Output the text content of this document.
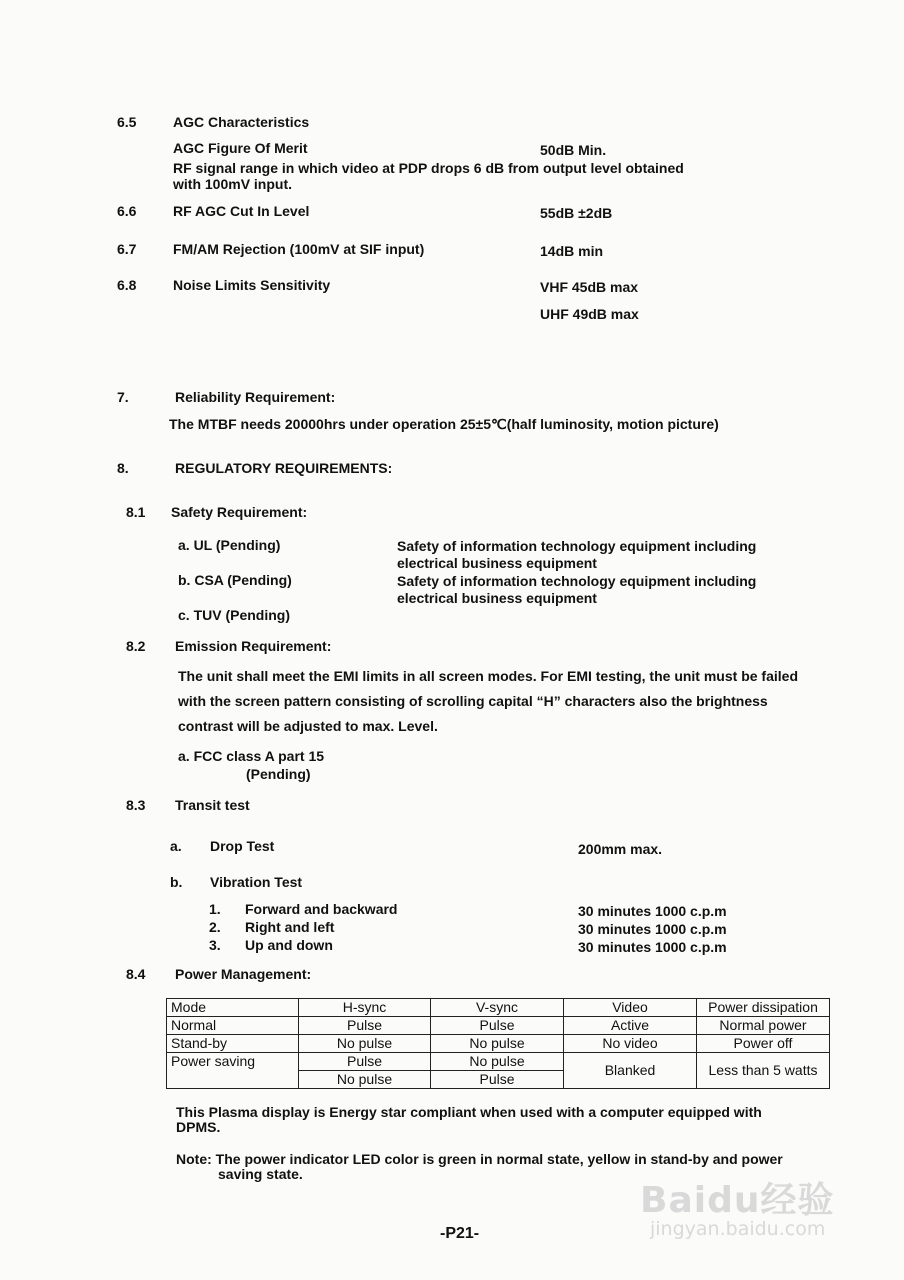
6.5	AGC Characteristics
AGC Figure Of Merit	50dB Min.
RF signal range in which video at PDP drops 6 dB from output level obtained
with 100mV input.
6.6	RF AGC Cut In Level	55dB ±2dB
6.7	FM/AM Rejection (100mV at SIF input)	14dB min
6.8	Noise Limits Sensitivity	VHF 45dB max
UHF 49dB max
7.	Reliability Requirement:
The MTBF needs 20000hrs under operation 25±5℃(half luminosity, motion picture)
8.	REGULATORY REQUIREMENTS:
8.1 Safety Requirement:
a. UL (Pending)	Safety of information technology equipment including
electrical business equipment
b. CSA (Pending)	Safety of information technology equipment including
electrical business equipment
c. TUV (Pending)
8.2 Emission Requirement:
The unit shall meet the EMI limits in all screen modes. For EMI testing, the unit must be failed
with the screen pattern consisting of scrolling capital “H” characters also the brightness
contrast will be adjusted to max. Level.
a. FCC class A part 15
(Pending)
8.3 Transit test
a. Drop Test	200mm max.
b. Vibration Test
1. Forward and backward	30 minutes 1000 c.p.m
2. Right and left	30 minutes 1000 c.p.m
3. Up and down	30 minutes 1000 c.p.m
8.4 Power Management:
Mode	H-sync	V-sync	Video	Power dissipation
Normal	Pulse	Pulse	Active	Normal power
Stand-by	No pulse	No pulse	No video	Power off
Power saving	Pulse	No pulse	Blanked	Less than 5 watts
	No pulse	Pulse		
This Plasma display is Energy star compliant when used with a computer equipped with
DPMS.
Note: The power indicator LED color is green in normal state, yellow in stand-by and power
saving state.
-P21-
Baidu经验
jingyan.baidu.com
